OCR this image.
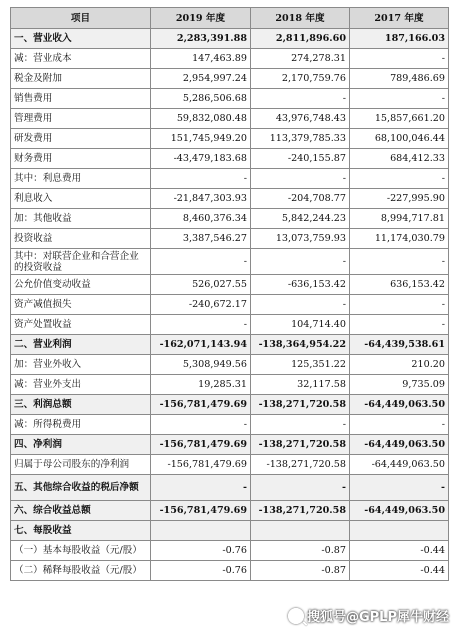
项目	2019 年度	2018 年度	2017 年度
一、营业收入	2,283,391.88	2,811,896.60	187,166.03
减：营业成本	147,463.89	274,278.31	-
税金及附加	2,954,997.24	2,170,759.76	789,486.69
销售费用	5,286,506.68	-	-
管理费用	59,832,080.48	43,976,748.43	15,857,661.20
研发费用	151,745,949.20	113,379,785.33	68,100,046.44
财务费用	-43,479,183.68	-240,155.87	684,412.33
其中：利息费用	-	-	-
利息收入	-21,847,303.93	-204,708.77	-227,995.90
加：其他收益	8,460,376.34	5,842,244.23	8,994,717.81
投资收益	3,387,546.27	13,073,759.93	11,174,030.79
其中：对联营企业和合营企业的投资收益	-	-	-
公允价值变动收益	526,027.55	-636,153.42	636,153.42
资产减值损失	-240,672.17	-	-
资产处置收益	-	104,714.40	-
二、营业利润	-162,071,143.94	-138,364,954.22	-64,439,538.61
加：营业外收入	5,308,949.56	125,351.22	210.20
减：营业外支出	19,285.31	32,117.58	9,735.09
三、利润总额	-156,781,479.69	-138,271,720.58	-64,449,063.50
减：所得税费用	-	-	-
四、净利润	-156,781,479.69	-138,271,720.58	-64,449,063.50
归属于母公司股东的净利润	-156,781,479.69	-138,271,720.58	-64,449,063.50
五、其他综合收益的税后净额	-	-	-
六、综合收益总额	-156,781,479.69	-138,271,720.58	-64,449,063.50
七、每股收益			
（一）基本每股收益（元/股）	-0.76	-0.87	-0.44
（二）稀释每股收益（元/股）	-0.76	-0.87	-0.44
搜狐号@GPLP犀牛财经
